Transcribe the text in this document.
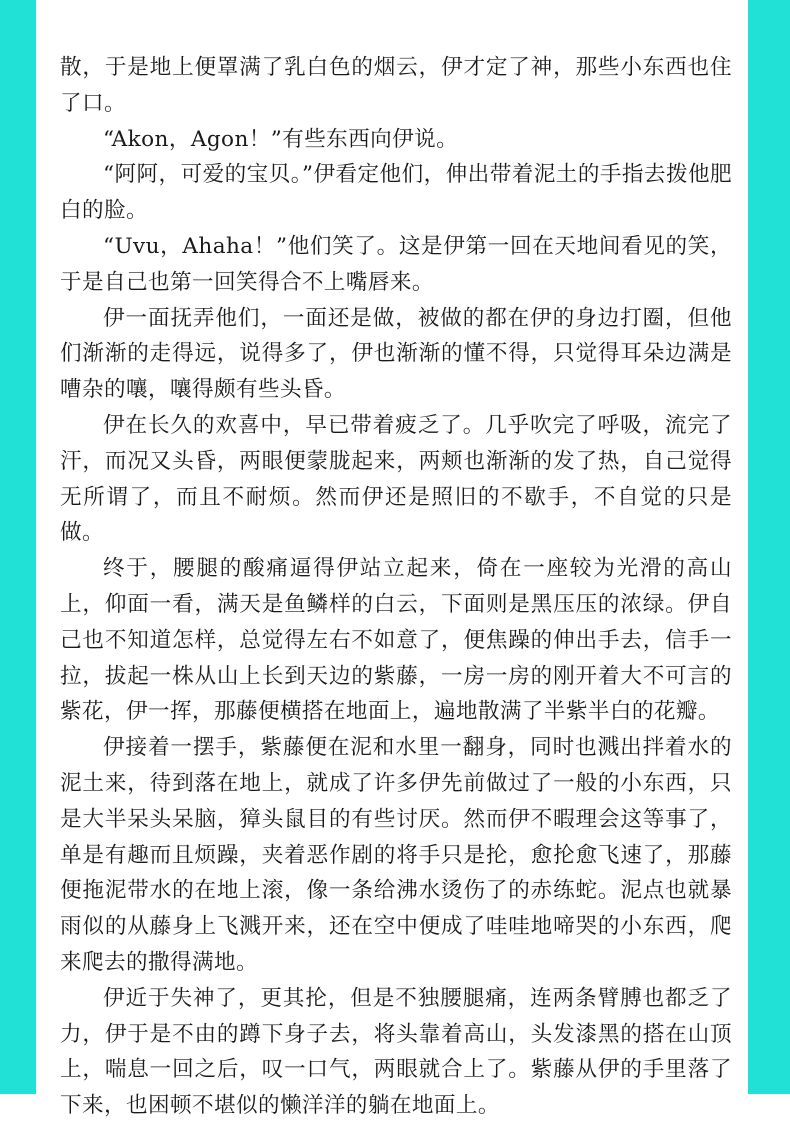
散，于是地上便罩满了乳白色的烟云，伊才定了神，那些小东西也住了口。

“Akon，Agon！”有些东西向伊说。

“阿阿，可爱的宝贝。”伊看定他们，伸出带着泥土的手指去拨他肥白的脸。

“Uvu，Ahaha！”他们笑了。这是伊第一回在天地间看见的笑，于是自己也第一回笑得合不上嘴唇来。

伊一面抚弄他们，一面还是做，被做的都在伊的身边打圈，但他们渐渐的走得远，说得多了，伊也渐渐的懂不得，只觉得耳朵边满是嘈杂的嚷，嚷得颇有些头昏。

伊在长久的欢喜中，早已带着疲乏了。几乎吹完了呼吸，流完了汗，而况又头昏，两眼便蒙胧起来，两颊也渐渐的发了热，自己觉得无所谓了，而且不耐烦。然而伊还是照旧的不歇手，不自觉的只是做。

终于，腰腿的酸痛逼得伊站立起来，倚在一座较为光滑的高山上，仰面一看，满天是鱼鳞样的白云，下面则是黑压压的浓绿。伊自己也不知道怎样，总觉得左右不如意了，便焦躁的伸出手去，信手一拉，拔起一株从山上长到天边的紫藤，一房一房的刚开着大不可言的紫花，伊一挥，那藤便横搭在地面上，遍地散满了半紫半白的花瓣。

伊接着一摆手，紫藤便在泥和水里一翻身，同时也溅出拌着水的泥土来，待到落在地上，就成了许多伊先前做过了一般的小东西，只是大半呆头呆脑，獐头鼠目的有些讨厌。然而伊不暇理会这等事了，单是有趣而且烦躁，夹着恶作剧的将手只是抡，愈抡愈飞速了，那藤便拖泥带水的在地上滚，像一条给沸水烫伤了的赤练蛇。泥点也就暴雨似的从藤身上飞溅开来，还在空中便成了哇哇地啼哭的小东西，爬来爬去的撒得满地。

伊近于失神了，更其抡，但是不独腰腿痛，连两条臂膊也都乏了力，伊于是不由的蹲下身子去，将头靠着高山，头发漆黑的搭在山顶上，喘息一回之后，叹一口气，两眼就合上了。紫藤从伊的手里落了下来，也困顿不堪似的懒洋洋的躺在地面上。
